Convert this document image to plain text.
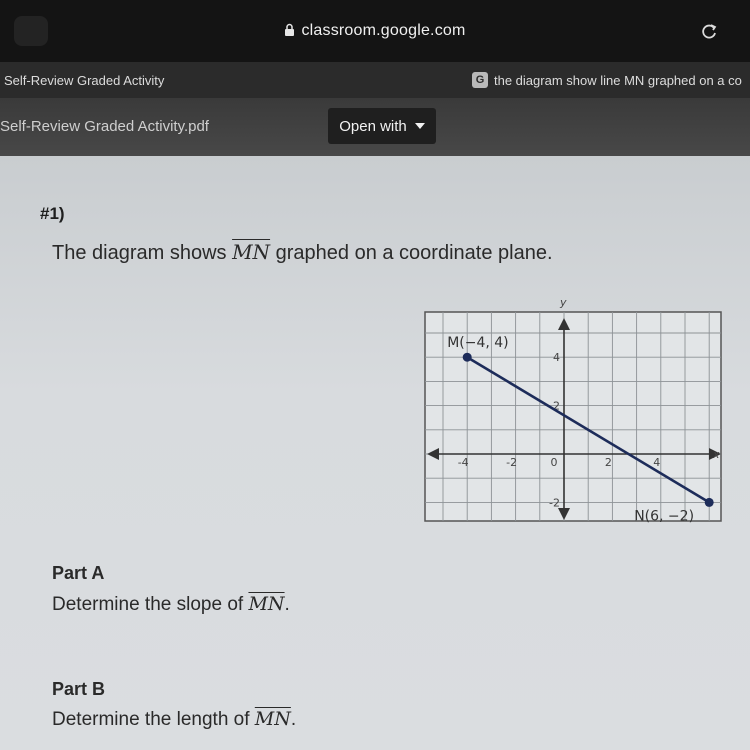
classroom.google.com
Self-Review Graded Activity	G the diagram show line MN graphed on a co
Self-Review Graded Activity.pdf	Open with
#1)
The diagram shows $\overline{MN}$ graphed on a coordinate plane.
x
y
-4	-2	0	2	4
4
2
-2
M(−4, 4)
N(6, −2)
Part A
Determine the slope of $\overline{MN}$.
Part B
Determine the length of $\overline{MN}$.
